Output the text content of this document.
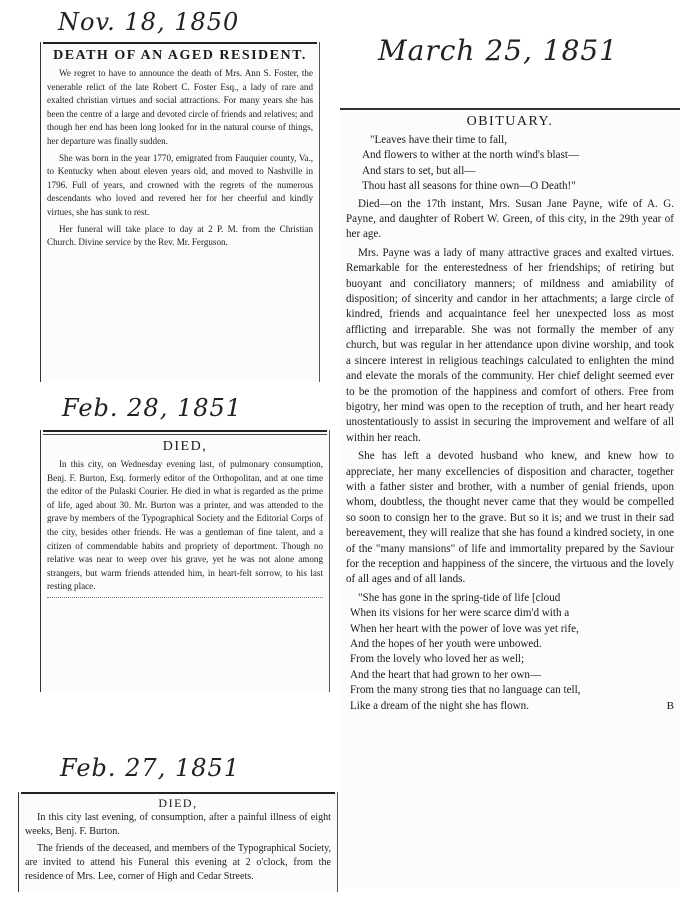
Nov. 18, 1850
March 25, 1851
Feb. 28, 1851
Feb. 27, 1851
DEATH OF AN AGED RESIDENT.

We regret to have to announce the death of Mrs. Ann S. Foster, the venerable relict of the late Robert C. Foster Esq., a lady of rare and exalted christian virtues and social attractions. For many years she has been the centre of a large and devoted circle of friends and relatives; and though her end has been long looked for in the natural course of things, her departure was finally sudden.

She was born in the year 1770, emigrated from Fauquier county, Va., to Kentucky when about eleven years old, and moved to Nashville in 1796. Full of years, and crowned with the regrets of the numerous descendants who loved and revered her for her cheerful and kindly virtues, she has sunk to rest.

Her funeral will take place to day at 2 P. M. from the Christian Church. Divine service by the Rev. Mr. Ferguson.

DIED,

In this city, on Wednesday evening last, of pulmonary consumption, Benj. F. Burton, Esq. formerly editor of the Orthopolitan, and at one time the editor of the Pulaski Courier. He died in what is regarded as the prime of life, aged about 30. Mr. Burton was a printer, and was attended to the grave by members of the Typographical Society and the Editorial Corps of the city, besides other friends. He was a gentleman of fine talent, and a citizen of commendable habits and propriety of deportment. Though no relative was near to weep over his grave, yet he was not alone among strangers, but warm friends attended him, in heart-felt sorrow, to his last resting place.

DIED,

In this city last evening, of consumption, after a painful illness of eight weeks, Benj. F. Burton.

The friends of the deceased, and members of the Typographical Society, are invited to attend his Funeral this evening at 2 o'clock, from the residence of Mrs. Lee, corner of High and Cedar Streets.

OBITUARY.
"Leaves have their time to fall,
And flowers to wither at the north wind's blast—
And stars to set, but all—
Thou hast all seasons for thine own—O Death!"

Died—on the 17th instant, Mrs. Susan Jane Payne, wife of A. G. Payne, and daughter of Robert W. Green, of this city, in the 29th year of her age.

Mrs. Payne was a lady of many attractive graces and exalted virtues. Remarkable for the enterestedness of her friendships; of retiring but buoyant and conciliatory manners; of mildness and amiability of disposition; of sincerity and candor in her attachments; a large circle of kindred, friends and acquaintance feel her unexpected loss as most afflicting and irreparable. She was not formally the member of any church, but was regular in her attendance upon divine worship, and took a sincere interest in religious teachings calculated to enlighten the mind and elevate the morals of the community. Her chief delight seemed ever to be the promotion of the happiness and comfort of others. Free from bigotry, her mind was open to the reception of truth, and her heart ready unostentatiously to assist in securing the improvement and welfare of all within her reach.

She has left a devoted husband who knew, and knew how to appreciate, her many excellencies of disposition and character, together with a father sister and brother, with a number of genial friends, upon whom, doubtless, the thought never came that they would be compelled so soon to consign her to the grave. But so it is; and we trust in their sad bereavement, they will realize that she has found a kindred society, in one of the "many mansions" of life and immortality prepared by the Saviour for the reception and happiness of the sincere, the virtuous and the lovely of all ages and of all lands.

"She has gone in the spring-tide of life [cloud
When its visions for her were scarce dim'd with a
When her heart with the power of love was yet rife,
And the hopes of her youth were unbowed.
From the lovely who loved her as well;
And the heart that had grown to her own—
From the many strong ties that no language can tell,
Like a dream of the night she has flown.	B
